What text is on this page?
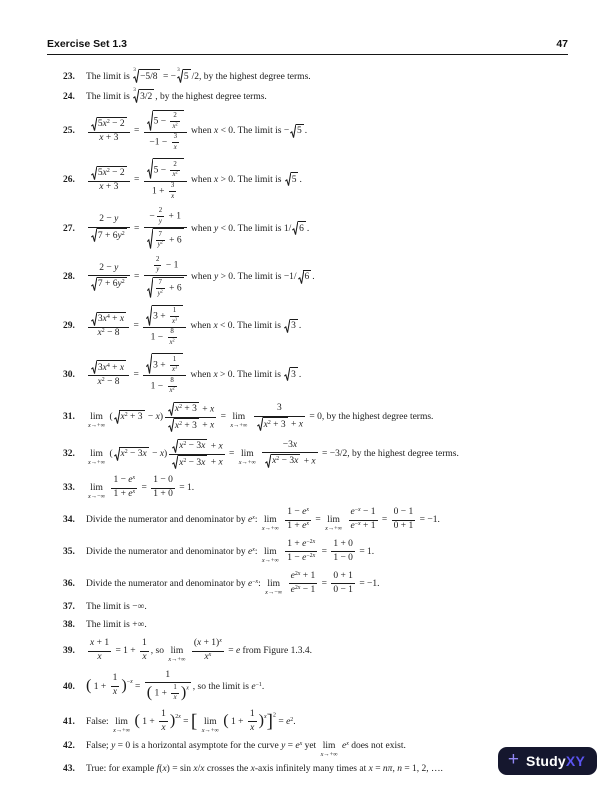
Exercise Set 1.3	47
23. The limit is
3
−5/8 = −
3
5 /2, by the highest degree terms.
24. The limit is
3
3/2 , by the highest degree terms.
25. $\frac{5x^2 - 2}{x + 3} = \frac{5 - \frac{2}{x^2}}{-1 - \frac{3}{x}}$ when x < 0. The limit is − 5 .
26. $\frac{5x^2 - 2}{x + 3} = \frac{5 - \frac{2}{x^2}}{1 + \frac{3}{x}}$ when x > 0. The limit is
5 .
27. $\frac{2 - y}{7 + 6y^2} = \frac{- \frac{2}{y} + 1}{\frac{7}{y^2} + 6}$ when y < 0. The limit is 1/ 6 .
28. $\frac{2 - y}{7 + 6y^2} = \frac{\frac{2}{y} - 1}{\frac{7}{y^2} + 6}$ when y > 0. The limit is −1/ 6 .
29. $\frac{3x^4 + x}{x^2 - 8} = \frac{3 + \frac{1}{x^3}}{1 - \frac{8}{x^2}}$ when x < 0. The limit is
3 .
30. $\frac{3x^4 + x}{x^2 - 8} = \frac{3 + \frac{1}{x^3}}{1 - \frac{8}{x^2}}$ when x > 0. The limit is
3 .
31. lim
x→+∞
( $x^2 + 3 - x) \frac{x^2 + 3 + x}{x^2 + 3 + x} = \lim$
x→+∞
$\frac{3}{x^2 + 3 + x} = 0$, by the highest degree terms.
32. lim
x→+∞
( $x^2 - 3x - x) \frac{x^2 - 3x + x}{x^2 - 3x + x} = \lim$
x→+∞
$\frac{-3x}{x^2 - 3x + x} = -3/2$, by the highest degree terms.
33. lim
x→−∞
$\frac{1 - e^x}{1 + e^x} = \frac{1 - 0}{1 + 0} = 1$.
34. Divide the numerator and denominator by $e^x$: lim
x→+∞
$\frac{1 - e^x}{1 + e^x} = \lim$
x→+∞
$\frac{e^{-x} - 1}{e^{-x} + 1} = \frac{0 - 1}{0 + 1} = -1$.
35. Divide the numerator and denominator by $e^x$: lim
x→+∞
$\frac{1 + e^{-2x}}{1 - e^{-2x}} = \frac{1 + 0}{1 - 0} = 1$.
36. Divide the numerator and denominator by $e^{-x}$: lim
x→−∞
$\frac{e^{2x} + 1}{e^{2x} - 1} = \frac{0 + 1}{0 - 1} = -1$.
37. The limit is −∞.
38. The limit is +∞.
39. $\frac{x + 1}{x} = 1 + \frac{1}{x}$ , so lim
x→+∞
$\frac{(x + 1)^x}{x^x} = e$ from Figure 1.3.4.
40. ( $1 + \frac{1}{x} )^{-x} = \frac{1}{( 1 + \frac{1}{x} )^x}$ , so the limit is $e^{-1}$.
41. False: lim
x→+∞
( $1 + \frac{1}{x} )^{2x}$ = [ lim
x→+∞
( $1 + \frac{1}{x} )^x]^2 = e^2$.
42. False; y = 0 is a horizontal asymptote for the curve $y = e^x$ yet lim
x→+∞
$e^x$ does not exist.
43. True: for example f(x) = sin x/x crosses the x-axis infinitely many times at x = nπ, n = 1, 2, ….	+ StudyXY
